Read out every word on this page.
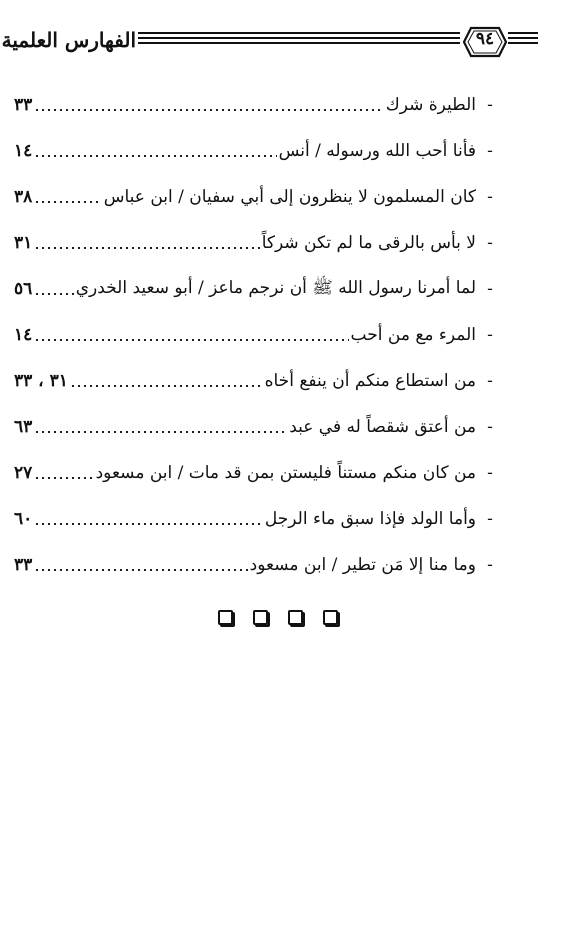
الفهارس العلمية	٩٤
-
الطيرة شرك
٣٣
-
فأنا أحب الله ورسوله / أنس
١٤
-
كان المسلمون لا ينظرون إلى أبي سفيان / ابن عباس
٣٨
-
لا بأس بالرقى ما لم تكن شركاً
٣١
-
لما أمرنا رسول الله ﷺ أن نرجم ماعز / أبو سعيد الخدري
٥٦
-
المرء مع من أحب
١٤
-
من استطاع منكم أن ينفع أخاه
٣١ ، ٣٣
-
من أعتق شقصاً له في عبد
٦٣
-
من كان منكم مستناً فليستن بمن قد مات / ابن مسعود
٢٧
-
وأما الولد فإذا سبق ماء الرجل
٦٠
-
وما منا إلا مَن تطير / ابن مسعود
٣٣
